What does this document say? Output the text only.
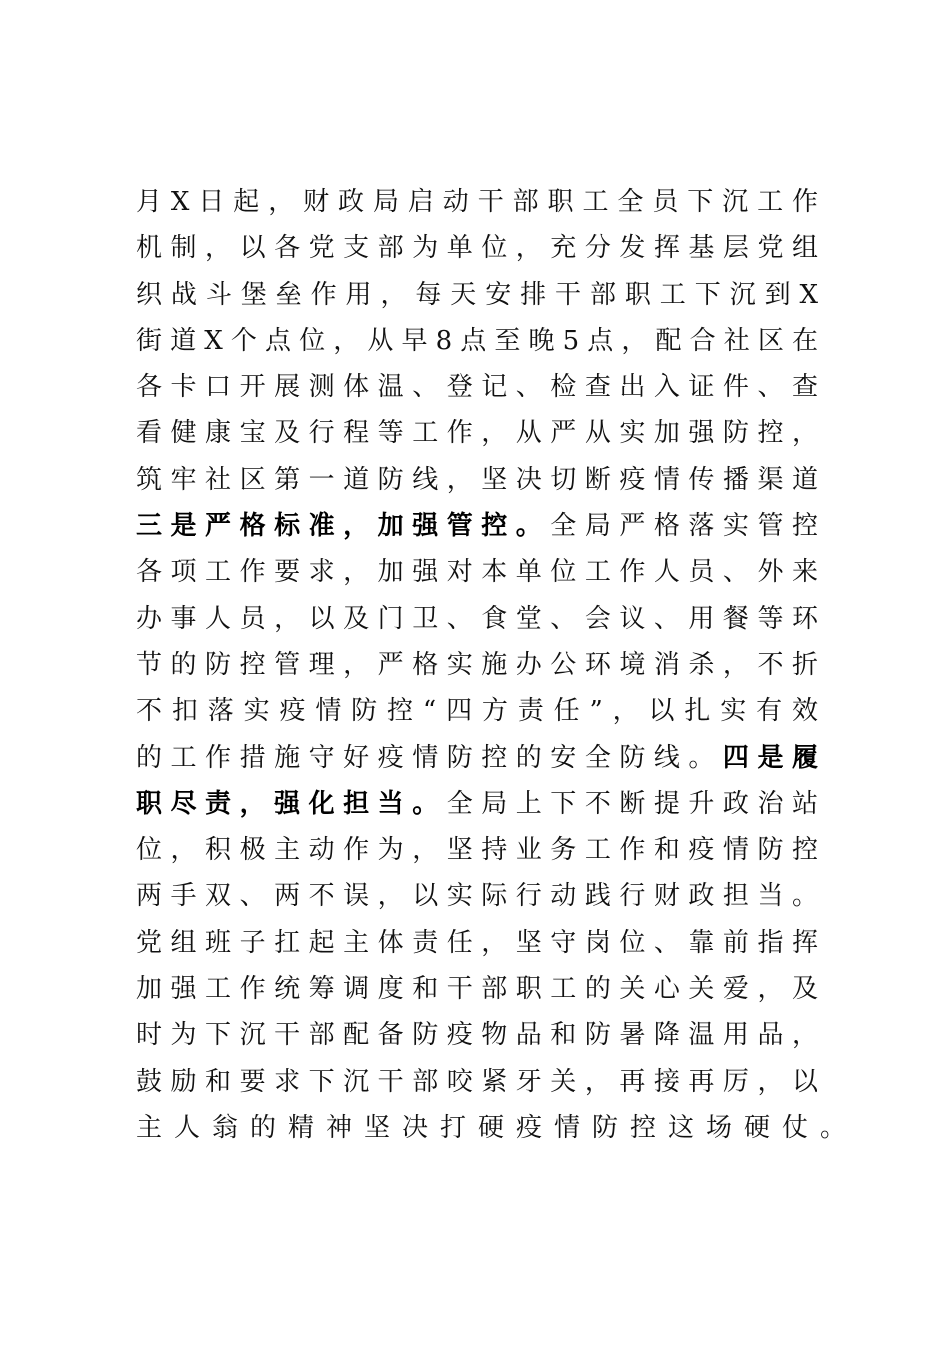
月X日起，财政局启动干部职工全员下沉工作
机制，以各党支部为单位，充分发挥基层党组
织战斗堡垒作用，每天安排干部职工下沉到X
街道X个点位，从早8点至晚5点，配合社区在
各卡口开展测体温、登记、检查出入证件、查
看健康宝及行程等工作，从严从实加强防控，
筑牢社区第一道防线，坚决切断疫情传播渠道
三是严格标准，加强管控。全局严格落实管控
各项工作要求，加强对本单位工作人员、外来
办事人员，以及门卫、食堂、会议、用餐等环
节的防控管理，严格实施办公环境消杀，不折
不扣落实疫情防控“四方责任”，以扎实有效
的工作措施守好疫情防控的安全防线。四是履
职尽责，强化担当。全局上下不断提升政治站
位，积极主动作为，坚持业务工作和疫情防控
两手双、两不误，以实际行动践行财政担当。
党组班子扛起主体责任，坚守岗位、靠前指挥
加强工作统筹调度和干部职工的关心关爱，及
时为下沉干部配备防疫物品和防暑降温用品，
鼓励和要求下沉干部咬紧牙关，再接再厉，以
主人翁的精神坚决打硬疫情防控这场硬仗。
